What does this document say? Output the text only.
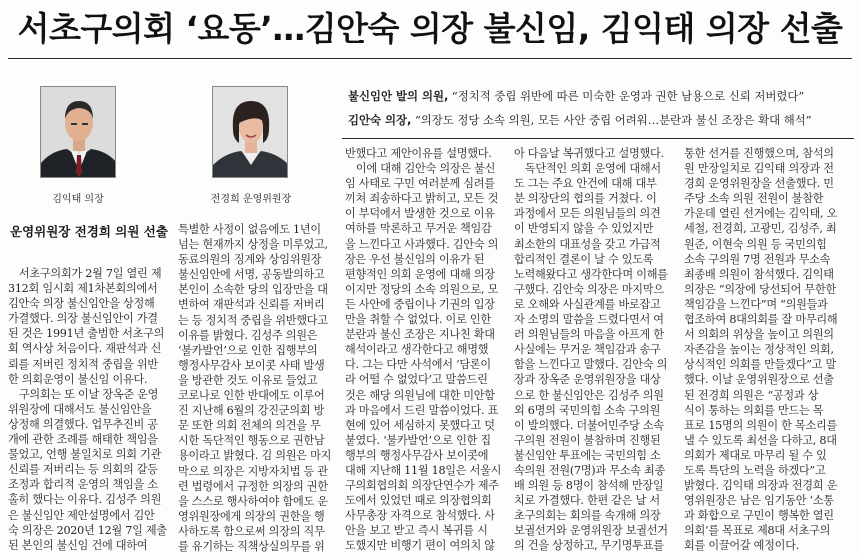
서초구의회 ‘요동’…김안숙 의장 불신임, 김익태 의장 선출
김익태 의장	전경희 운영위원장
불신임안 발의 의원, “정치적 중립 위반에 따른 미숙한 운영과 권한 남용으로 신뢰 저버렸다”
김안숙 의장, “의장도 정당 소속 의원, 모든 사안 중립 어려워…분란과 불신 조장은 확대 해석”
운영위원장 전경희 의원 선출

　서초구의회가 2월 7일 열린 제

312회 임시회 제1차본회의에서

김안숙 의장 불신임안을 상정해

가결했다. 의장 불신임안이 가결

된 것은 1991년 출범한 서초구의

회 역사상 처음이다. 재판석과 신

뢰를 저버린 정치적 중립을 위반

한 의회운영이 불신임 이유다.

　구의회는 또 이날 장옥준 운영

위원장에 대해서도 불신임안을

상정해 의결했다. 업무추진비 공

개에 관한 조례를 해태한 책임을

물었고, 언행 불일치로 의회 기관

신뢰를 저버리는 등 의회의 갈등

조정과 합리적 운영의 책임을 소

홀히 했다는 이유다. 김성주 의원

은 불신임안 제안설명에서 김안

숙 의장은 2020년 12월 7일 제출

된 본인의 불신임 건에 대하여

특별한 사정이 없음에도 1년이

넘는 현재까지 상정을 미루었고,

동료의원의 징계와 상임위원장

불신임안에 서명, 공동발의하고

본인이 소속한 당의 입장만을 대

변하여 재판석과 신뢰를 저버리

는 등 정치적 중립을 위반했다고

이유를 밝혔다. 김성주 의원은

‘불카발언’으로 인한 집행부의

행정사무감사 보이콧 사태 발생

을 방관한 것도 이유로 들었고

코로나로 인한 반대에도 이루어

진 지난해 6월의 강진군의회 방

문 또한 의회 전체의 의견을 무

시한 독단적인 행동으로 권한남

용이라고 밝혔다. 김 의원은 마지

막으로 의장은 지방자치법 등 관

련 법령에서 규정한 의장의 권한

을 스스로 행사하여야 함에도 운

영위원장에게 의장의 권한을 행

사하도록 함으로써 의장의 직무

를 유기하는 직책상실의무를 위

반했다고 제안이유를 설명했다.

　이에 대해 김안숙 의장은 불신

임 사태로 구민 여러분께 심려를

끼쳐 죄송하다고 밝히고, 모든 것

이 부덕에서 발생한 것으로 이유

여하를 막론하고 무거운 책임감

을 느낀다고 사과했다. 김안숙 의

장은 우선 불신임의 이유가 된

편향적인 의회 운영에 대해 의장

이지만 정당의 소속 의원으로, 모

든 사안에 중립이나 기권의 입장

만을 취할 수 없었다. 이로 인한

분란과 불신 조장은 지나친 확대

해석이라고 생각한다고 해명했

다. 그는 다만 사석에서 ‘담론이

라 어떨 수 없었다’고 말씀드린

것은 해당 의원님에 대한 미안함

과 마음에서 드린 말씀이었다. 표

현에 있어 세심하지 못했다고 덧

붙였다. ‘불카발언’으로 인한 집

행부의 행정사무감사 보이콧에

대해 지난해 11월 18일은 서울시

구의회협의회 의장단연수가 제주

도에서 있었던 때로 의장협의회

사무총장 자격으로 참석했다. 사

안을 보고 받고 즉시 복귀를 시

도했지만 비행기 편이 여의치 않

아 다음날 복귀했다고 설명했다.

　독단적인 의회 운영에 대해서

도 그는 주요 안건에 대해 대부

분 의장단의 협의를 거쳤다. 이

과정에서 모든 의원님들의 의견

이 반영되지 않을 수 있었지만

최소한의 대표성을 갖고 가급적

합리적인 결론이 날 수 있도록

노력해왔다고 생각한다며 이해를

구했다. 김안숙 의장은 마지막으

로 오해와 사실관계를 바로잡고

자 소명의 말씀을 드렸다면서 여

러 의원님들의 마음을 아프게 한

사실에는 무거운 책임감과 송구

함을 느낀다고 말했다. 김안숙 의

장과 장옥준 운영위원장을 대상

으로 한 불신임안은 김성주 의원

외 6명의 국민의힘 소속 구의원

이 발의했다. 더불어민주당 소속

구의원 전원이 불참하며 진행된

불신임안 투표에는 국민의힘 소

속의원 전원(7명)과 무소속 최종

배 의원 등 8명이 참석해 만장일

치로 가결했다. 한편 같은 날 서

초구의회는 회의를 속개해 의장

보궐선거와 운영위원장 보궐선거

의 건을 상정하고, 무기명투표를

통한 선거를 진행했으며, 참석의

원 만장일치로 김익태 의장과 전

경희 운영위원장을 선출했다. 민

주당 소속 의원 전원이 불참한

가운데 열린 선거에는 김익태, 오

세철, 전경희, 고광민, 김성주, 최

원준, 이현숙 의원 등 국민의힘

소속 구의원 7명 전원과 무소속

최종배 의원이 참석했다. 김익태

의장은 “의장에 당선되어 무한한

책임감을 느낀다”며 “의원들과

협조하여 8대의회를 잘 마무리해

서 의회의 위상을 높이고 의원의

자존감을 높이는 정상적인 의회,

상식적인 의회를 만들겠다”고 말

했다. 이날 운영위원장으로 선출

된 전경희 의원은 “공정과 상

식이 통하는 의회를 만드는 목

표로 15명의 의원이 한 목소리를

낼 수 있도록 최선을 다하고, 8대

의회가 제대로 마무리 될 수 있

도록 특단의 노력을 하겠다”고

밝혔다. 김익태 의장과 전경희 운

영위원장은 남은 임기동안 ‘소통

과 화합으로 구민이 행복한 열린

의회’를 목표로 제8대 서초구의

회를 이끌어갈 예정이다.
